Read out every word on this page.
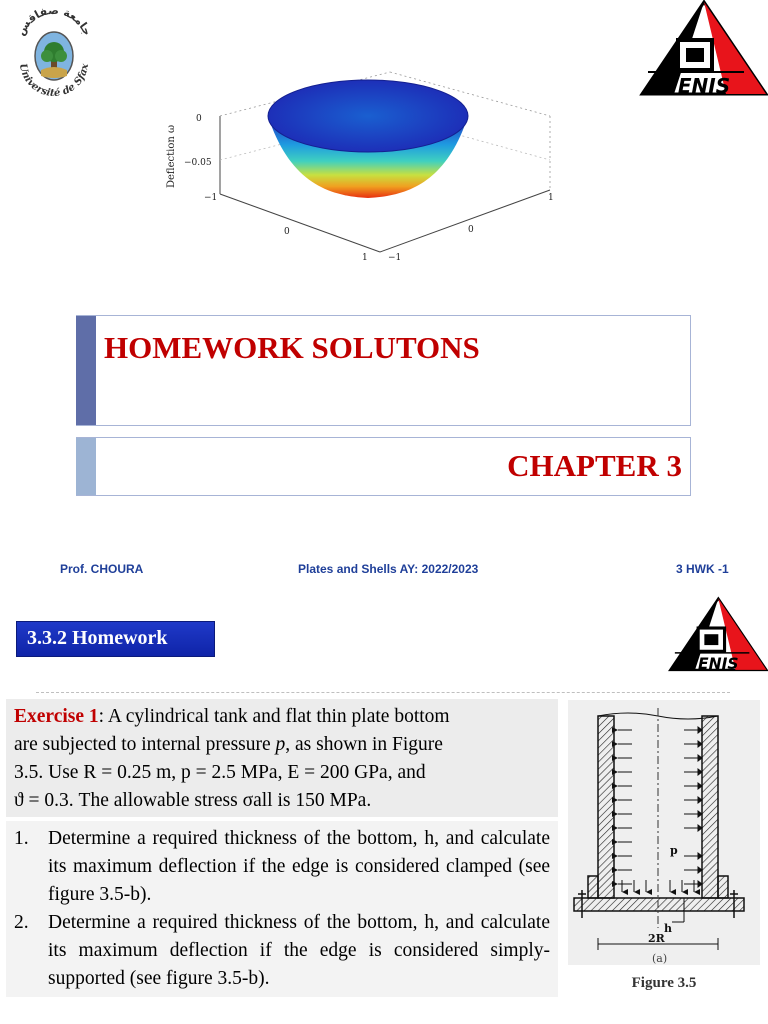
جامعة صفاقس
Université de Sfax
ENIS
0
−0.05
−1
0
1 −1
0
1
Deflection ω
HOMEWORK SOLUTONS
CHAPTER 3
Prof. CHOURA	Plates and Shells AY: 2022/2023	3 HWK -1
3.3.2 Homework
ENIS
Exercise 1: A cylindrical tank and flat thin plate bottom
are subjected to internal pressure p, as shown in Figure
3.5. Use R = 0.25 m, p = 2.5 MPa, E = 200 GPa, and
ϑ = 0.3. The allowable stress σall is 150 MPa.
1. Determine a required thickness of the bottom, h, and calculate its maximum deflection if the edge is considered clamped (see figure 3.5-b).
2. Determine a required thickness of the bottom, h, and calculate its maximum deflection if the edge is considered simply-supported (see figure 3.5-b).
p
h
2R
(a)
Figure 3.5
